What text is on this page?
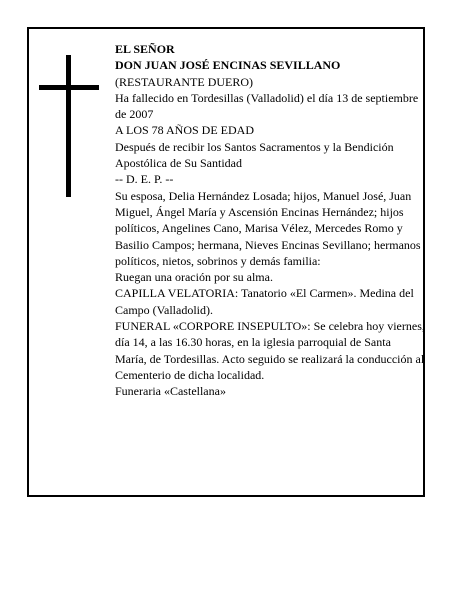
EL SEÑOR

DON JUAN JOSÉ ENCINAS SEVILLANO

(RESTAURANTE DUERO)

Ha fallecido en Tordesillas (Valladolid) el día 13 de septiembre de 2007

A LOS 78 AÑOS DE EDAD

Después de recibir los Santos Sacramentos y la Bendición Apostólica de Su Santidad

-- D. E. P. --

Su esposa, Delia Hernández Losada; hijos, Manuel José, Juan Miguel, Ángel María y Ascensión Encinas Hernández; hijos políticos, Angelines Cano, Marisa Vélez, Mercedes Romo y Basilio Campos; hermana, Nieves Encinas Sevillano; hermanos políticos, nietos, sobrinos y demás familia:

Ruegan una oración por su alma.

CAPILLA VELATORIA: Tanatorio «El Carmen». Medina del Campo (Valladolid).

FUNERAL «CORPORE INSEPULTO»: Se celebra hoy viernes, día 14, a las 16.30 horas, en la iglesia parroquial de Santa María, de Tordesillas. Acto seguido se realizará la conducción al Cementerio de dicha localidad.

Funeraria «Castellana»
